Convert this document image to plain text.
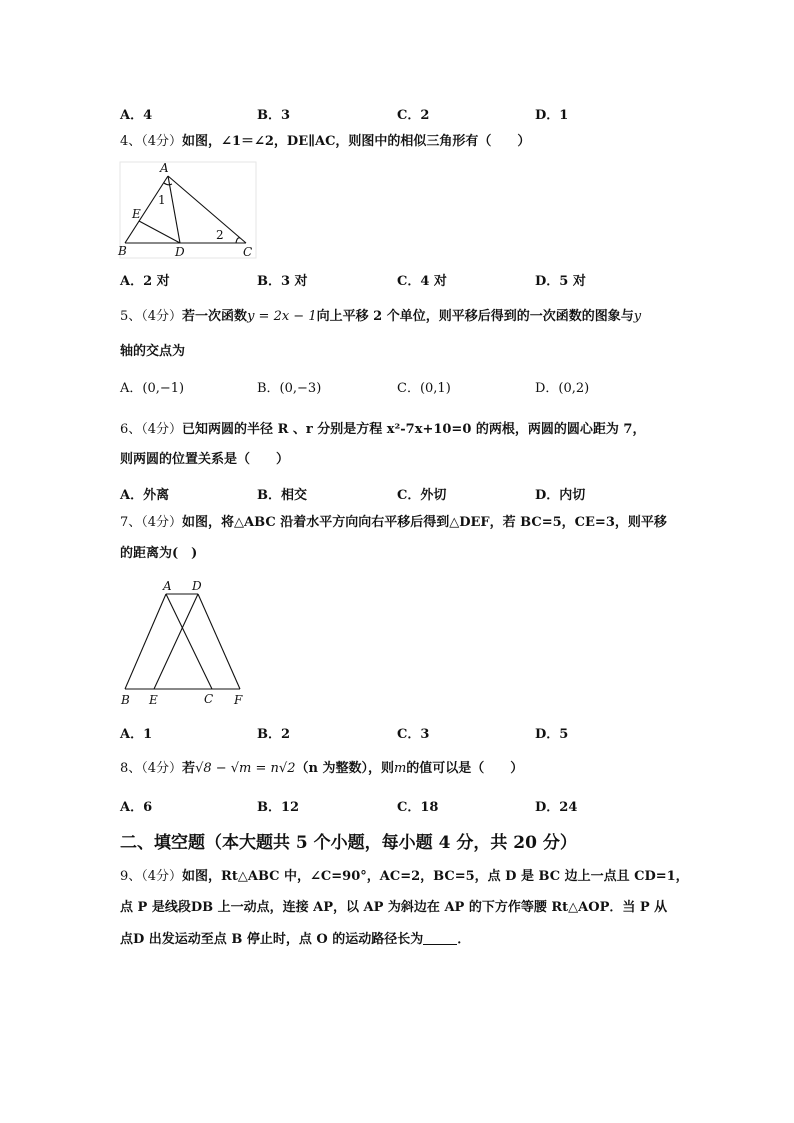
A．4	B．3	C．2	D．1
4、（4分）如图，∠1＝∠2，DE∥AC，则图中的相似三角形有（　　）
A
E
B	D	C
1
2
A．2 对	B．3 对	C．4 对	D．5 对
5、（4分）若一次函数y = 2x − 1向上平移 2 个单位，则平移后得到的一次函数的图象与y
轴的交点为
A．(0,−1)	B．(0,−3)	C．(0,1)	D．(0,2)
6、（4分）已知两圆的半径 R 、r 分别是方程 x²-7x+10=0 的两根，两圆的圆心距为 7，
则两圆的位置关系是（　　）
A．外离	B．相交	C．外切	D．内切
7、（4分）如图，将△ABC 沿着水平方向向右平移后得到△DEF，若 BC=5，CE=3，则平移
的距离为(　)
A D
B E	C F
A．1	B．2	C．3	D．5
8、（4分）若√8 − √m = n√2（n 为整数），则m的值可以是（　　）
A．6	B．12	C．18	D．24
二、填空题（本大题共 5 个小题，每小题 4 分，共 20 分）
9、（4分）如图，Rt△ABC 中，∠C=90°，AC=2，BC=5，点 D 是 BC 边上一点且 CD=1，
点 P 是线段DB 上一动点，连接 AP，以 AP 为斜边在 AP 的下方作等腰 Rt△AOP．当 P 从
点D 出发运动至点 B 停止时，点 O 的运动路径长为	．
